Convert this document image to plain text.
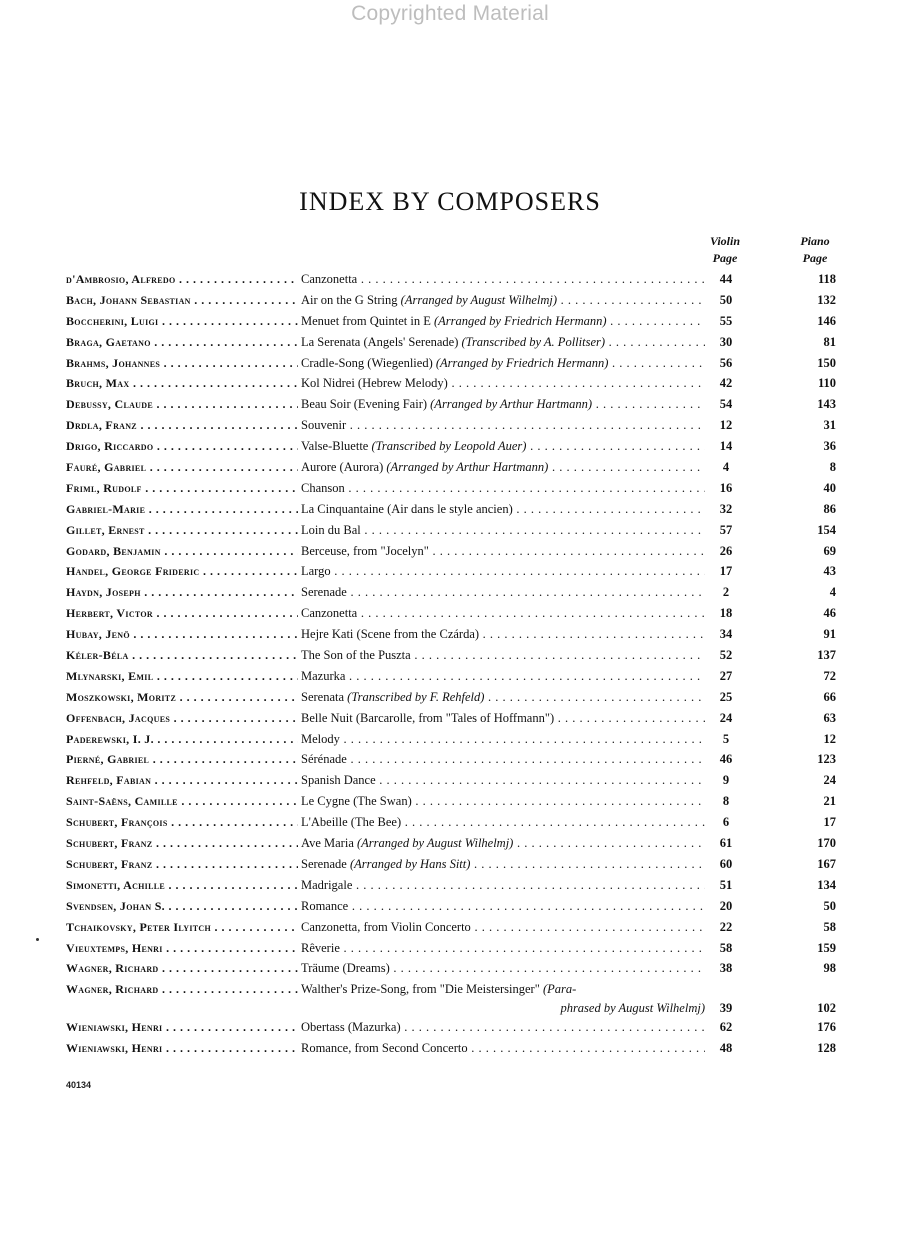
Copyrighted Material
INDEX BY COMPOSERS
Violin
Page
Piano
Page
d'Ambrosio, Alfredo . . .	Canzonetta . . .	44	118
Bach, Johann Sebastian . . .	Air on the G String (Arranged by August Wilhelmj) . . .	50	132
Boccherini, Luigi . . .	Menuet from Quintet in E (Arranged by Friedrich Hermann) . . .	55	146
Braga, Gaetano . . .	La Serenata (Angels' Serenade) (Transcribed by A. Pollitser) . . .	30	81
Brahms, Johannes . . .	Cradle-Song (Wiegenlied) (Arranged by Friedrich Hermann) . . .	56	150
Bruch, Max . . .	Kol Nidrei (Hebrew Melody) . . .	42	110
Debussy, Claude . . .	Beau Soir (Evening Fair) (Arranged by Arthur Hartmann) . . .	54	143
Drdla, Franz . . .	Souvenir . . .	12	31
Drigo, Riccardo . . .	Valse-Bluette (Transcribed by Leopold Auer) . . .	14	36
Fauré, Gabriel . . .	Aurore (Aurora) (Arranged by Arthur Hartmann) . . .	4	8
Friml, Rudolf . . .	Chanson . . .	16	40
Gabriel-Marie . . .	La Cinquantaine (Air dans le style ancien) . . .	32	86
Gillet, Ernest . . .	Loin du Bal . . .	57	154
Godard, Benjamin . . .	Berceuse, from "Jocelyn" . . .	26	69
Handel, George Frideric . . .	Largo . . .	17	43
Haydn, Joseph . . .	Serenade . . .	2	4
Herbert, Victor . . .	Canzonetta . . .	18	46
Hubay, Jenö . . .	Hejre Kati (Scene from the Czárda) . . .	34	91
Kéler-Béla . . .	The Son of the Puszta . . .	52	137
Mlynarski, Emil . . .	Mazurka . . .	27	72
Moszkowski, Moritz . . .	Serenata (Transcribed by F. Rehfeld) . . .	25	66
Offenbach, Jacques . . .	Belle Nuit (Barcarolle, from "Tales of Hoffmann") . . .	24	63
Paderewski, I. J. . . .	Melody . . .	5	12
Pierné, Gabriel . . .	Sérénade . . .	46	123
Rehfeld, Fabian . . .	Spanish Dance . . .	9	24
Saint-Saëns, Camille . . .	Le Cygne (The Swan) . . .	8	21
Schubert, François . . .	L'Abeille (The Bee) . . .	6	17
Schubert, Franz . . .	Ave Maria (Arranged by August Wilhelmj) . . .	61	170
Schubert, Franz . . .	Serenade (Arranged by Hans Sitt) . . .	60	167
Simonetti, Achille . . .	Madrigale . . .	51	134
Svendsen, Johan S. . . .	Romance . . .	20	50
Tchaikovsky, Peter Ilyitch . . .	Canzonetta, from Violin Concerto . . .	22	58
Vieuxtemps, Henri . . .	Rêverie . . .	58	159
Wagner, Richard . . .	Träume (Dreams) . . .	38	98
Wagner, Richard . . .	Walther's Prize-Song, from "Die Meistersinger" (Para-
phrased by August Wilhelmj)	39	102
Wieniawski, Henri . . .	Obertass (Mazurka) . . .	62	176
Wieniawski, Henri . . .	Romance, from Second Concerto . . .	48	128
40134
